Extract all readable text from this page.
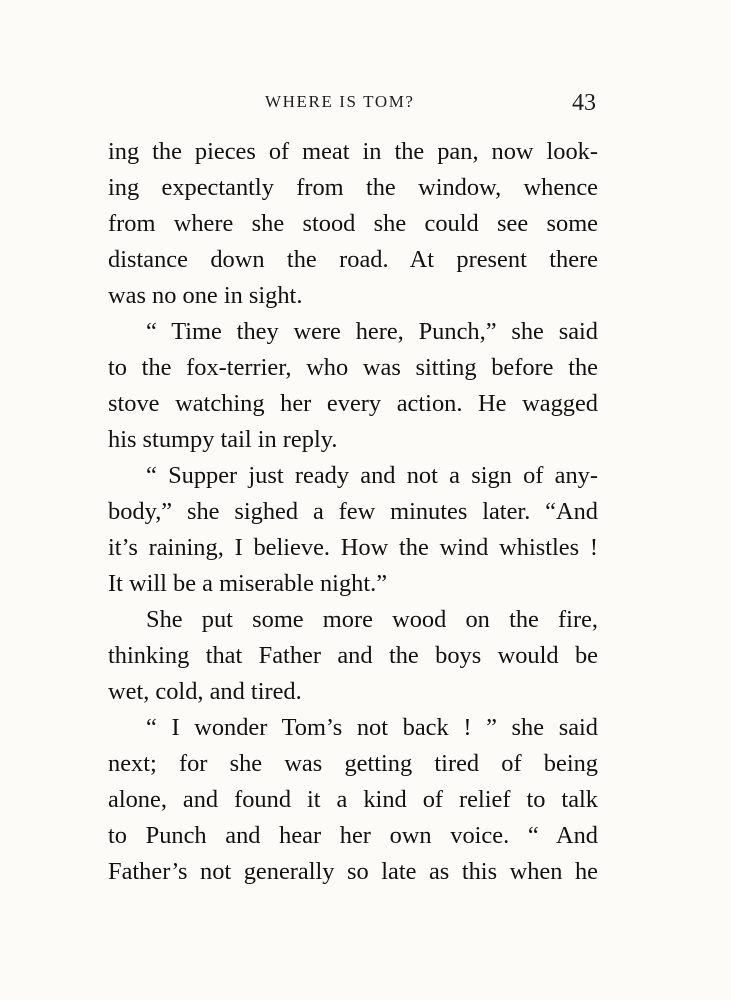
WHERE IS TOM?	43
ing the pieces of meat in the pan, now look-
ing expectantly from the window, whence
from where she stood she could see some
distance down the road. At present there
was no one in sight.
“ Time they were here, Punch,” she said
to the fox-terrier, who was sitting before the
stove watching her every action. He wagged
his stumpy tail in reply.
“ Supper just ready and not a sign of any-
body,” she sighed a few minutes later. “And
it’s raining, I believe. How the wind whistles !
It will be a miserable night.”
She put some more wood on the fire,
thinking that Father and the boys would be
wet, cold, and tired.
“ I wonder Tom’s not back ! ” she said
next; for she was getting tired of being
alone, and found it a kind of relief to talk
to Punch and hear her own voice. “ And
Father’s not generally so late as this when he
